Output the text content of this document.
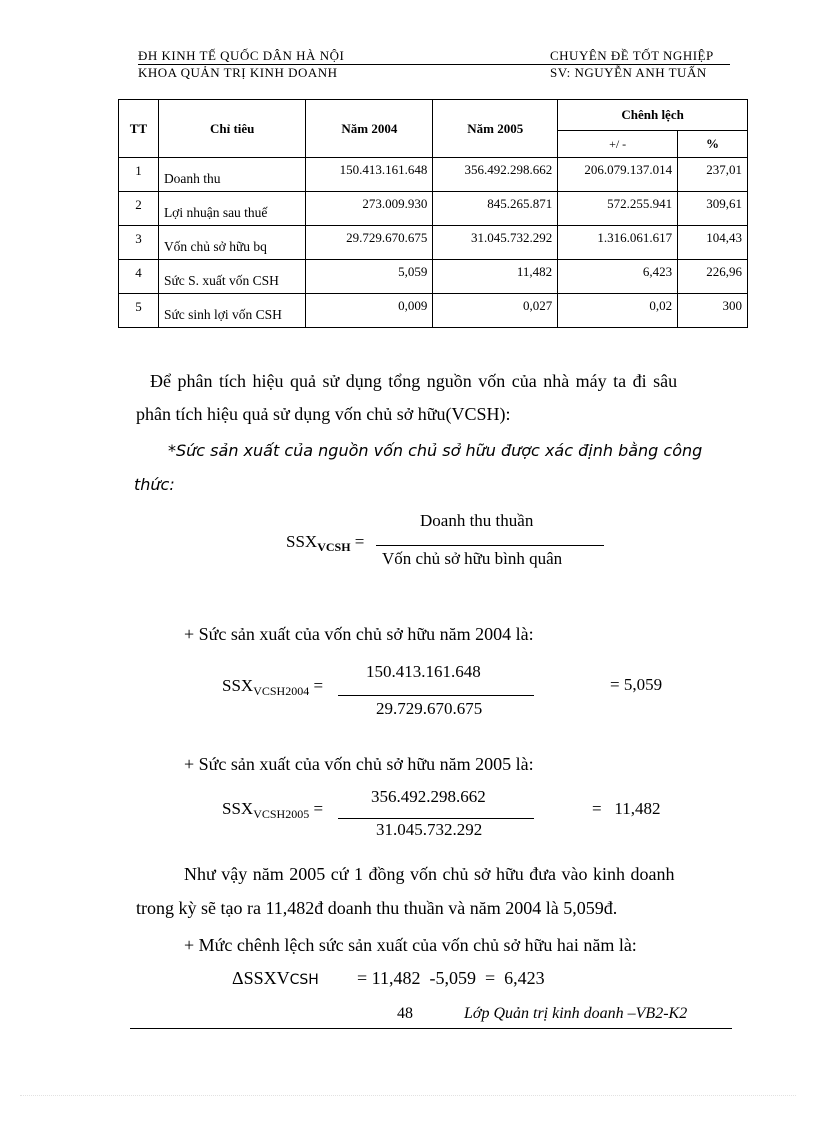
ĐH KINH TẾ QUỐC DÂN HÀ NỘI	CHUYÊN ĐỀ TỐT NGHIỆP
KHOA QUẢN TRỊ KINH DOANH	SV: NGUYỄN ANH TUẤN
TT	Chỉ tiêu	Năm 2004	Năm 2005	Chênh lệch	
				+/ -	%
1	Doanh thu	150.413.161.648	356.492.298.662	206.079.137.014	237,01
2	Lợi nhuận sau thuế	273.009.930	845.265.871	572.255.941	309,61
3	Vốn chủ sở hữu bq	29.729.670.675	31.045.732.292	1.316.061.617	104,43
4	Sức S. xuất vốn CSH	5,059	11,482	6,423	226,96
5	Sức sinh lợi vốn CSH	0,009	0,027	0,02	300
Để phân tích hiệu quả sử dụng tổng nguồn vốn của nhà máy ta đi sâu
phân tích hiệu quả sử dụng vốn chủ sở hữu(VCSH):
*Sức sản xuất của nguồn vốn chủ sở hữu được xác định bằng công
thức:
Doanh thu thuần
$SSX_{VCSH}$ =
Vốn chủ sở hữu bình quân
+ Sức sản xuất của vốn chủ sở hữu năm 2004 là:
150.413.161.648
$SSX_{VCSH2004}$ =
29.729.670.675
= 5,059
+ Sức sản xuất của vốn chủ sở hữu năm 2005 là:
356.492.298.662
$SSX_{VCSH2005}$ =
31.045.732.292
=   11,482
Như vậy năm 2005 cứ 1 đồng vốn chủ sở hữu đưa vào kinh doanh
trong kỳ sẽ tạo ra 11,482đ doanh thu thuần và năm 2004 là 5,059đ.
+ Mức chênh lệch sức sản xuất của vốn chủ sở hữu hai năm là:
ΔSSXVCSH = 11,482  -5,059  =  6,423
48	Lớp Quản trị kinh doanh –VB2-K2
